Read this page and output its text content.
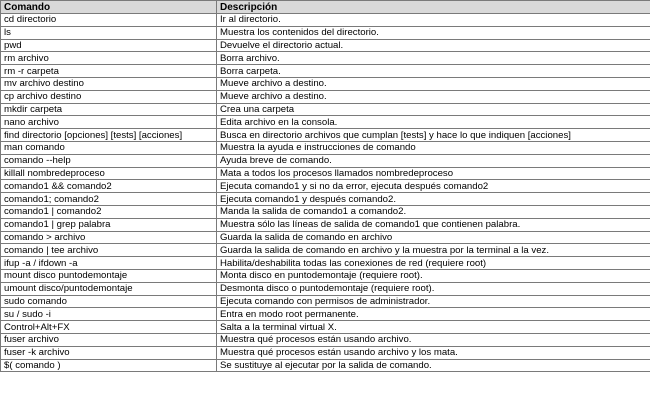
Comando	Descripción
cd directorio	Ir al directorio.
ls	Muestra los contenidos del directorio.
pwd	Devuelve el directorio actual.
rm archivo	Borra archivo.
rm -r carpeta	Borra carpeta.
mv archivo destino	Mueve archivo a destino.
cp archivo destino	Mueve archivo a destino.
mkdir carpeta	Crea una carpeta
nano archivo	Edita archivo en la consola.
find directorio [opciones] [tests] [acciones]	Busca en directorio archivos que cumplan [tests] y hace lo que indiquen [acciones]
man comando	Muestra la ayuda e instrucciones de comando
comando --help	Ayuda breve de comando.
killall nombredeproceso	Mata a todos los procesos llamados nombredeproceso
comando1 && comando2	Ejecuta comando1 y si no da error, ejecuta después comando2
comando1; comando2	Ejecuta comando1 y después comando2.
comando1 | comando2	Manda la salida de comando1 a comando2.
comando1 | grep palabra	Muestra sólo las líneas de salida de comando1 que contienen palabra.
comando > archivo	Guarda la salida de comando en archivo
comando | tee archivo	Guarda la salida de comando en archivo y la muestra por la terminal a la vez.
ifup -a / ifdown -a	Habilita/deshabilita todas las conexiones de red (requiere root)
mount disco puntodemontaje	Monta disco en puntodemontaje (requiere root).
umount disco/puntodemontaje	Desmonta disco o puntodemontaje (requiere root).
sudo comando	Ejecuta comando con permisos de administrador.
su / sudo -i	Entra en modo root permanente.
Control+Alt+FX	Salta a la terminal virtual X.
fuser archivo	Muestra qué procesos están usando archivo.
fuser -k archivo	Muestra qué procesos están usando archivo y los mata.
$( comando )	Se sustituye al ejecutar por la salida de comando.
